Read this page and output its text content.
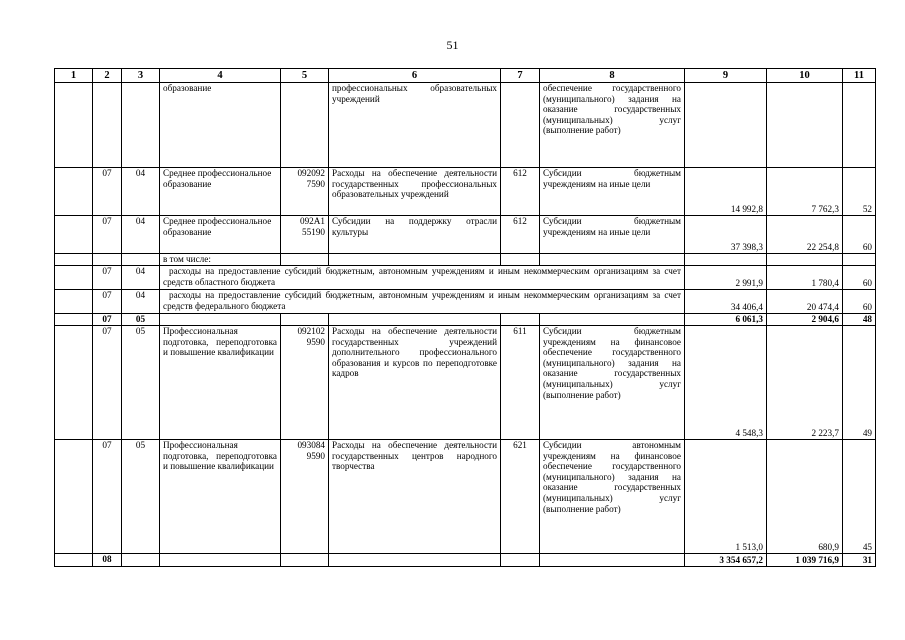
51
1	2	3	4	5	6	7	8	9	10	11
			образование		профессиональных образовательных учреждений		обеспечение государственного (муниципального) задания на оказание государственных (муниципальных) услуг (выполнение работ)			
	07	04	Среднее профессиональное образование	092092 7590	Расходы на обеспечение деятельности государственных профессиональных образовательных учреждений	612	Субсидии бюджетным учреждениям на иные цели	14 992,8	7 762,3	52
	07	04	Среднее профессиональное образование	092А1 55190	Субсидии на поддержку отрасли культуры	612	Субсидии бюджетным учреждениям на иные цели	37 398,3	22 254,8	60
			в том числе:							
	07	04	расходы на предоставление субсидий бюджетным, автономным учреждениям и иным некоммерческим организациям за счет средств областного бюджета					2 991,9	1 780,4	60
	07	04	расходы на предоставление субсидий бюджетным, автономным учреждениям и иным некоммерческим организациям за счет средств федерального бюджета					34 406,4	20 474,4	60
	07	05						6 061,3	2 904,6	48
	07	05	Профессиональная подготовка, переподготовка и повышение квалификации	092102 9590	Расходы на обеспечение деятельности государственных учреждений дополнительного профессионального образования и курсов по переподготовке кадров	611	Субсидии бюджетным учреждениям на финансовое обеспечение государственного (муниципального) задания на оказание государственных (муниципальных) услуг (выполнение работ)	4 548,3	2 223,7	49
	07	05	Профессиональная подготовка, переподготовка и повышение квалификации	093084 9590	Расходы на обеспечение деятельности государственных центров народного творчества	621	Субсидии автономным учреждениям на финансовое обеспечение государственного (муниципального) задания на оказание государственных (муниципальных) услуг (выполнение работ)	1 513,0	680,9	45
	08							3 354 657,2	1 039 716,9	31
